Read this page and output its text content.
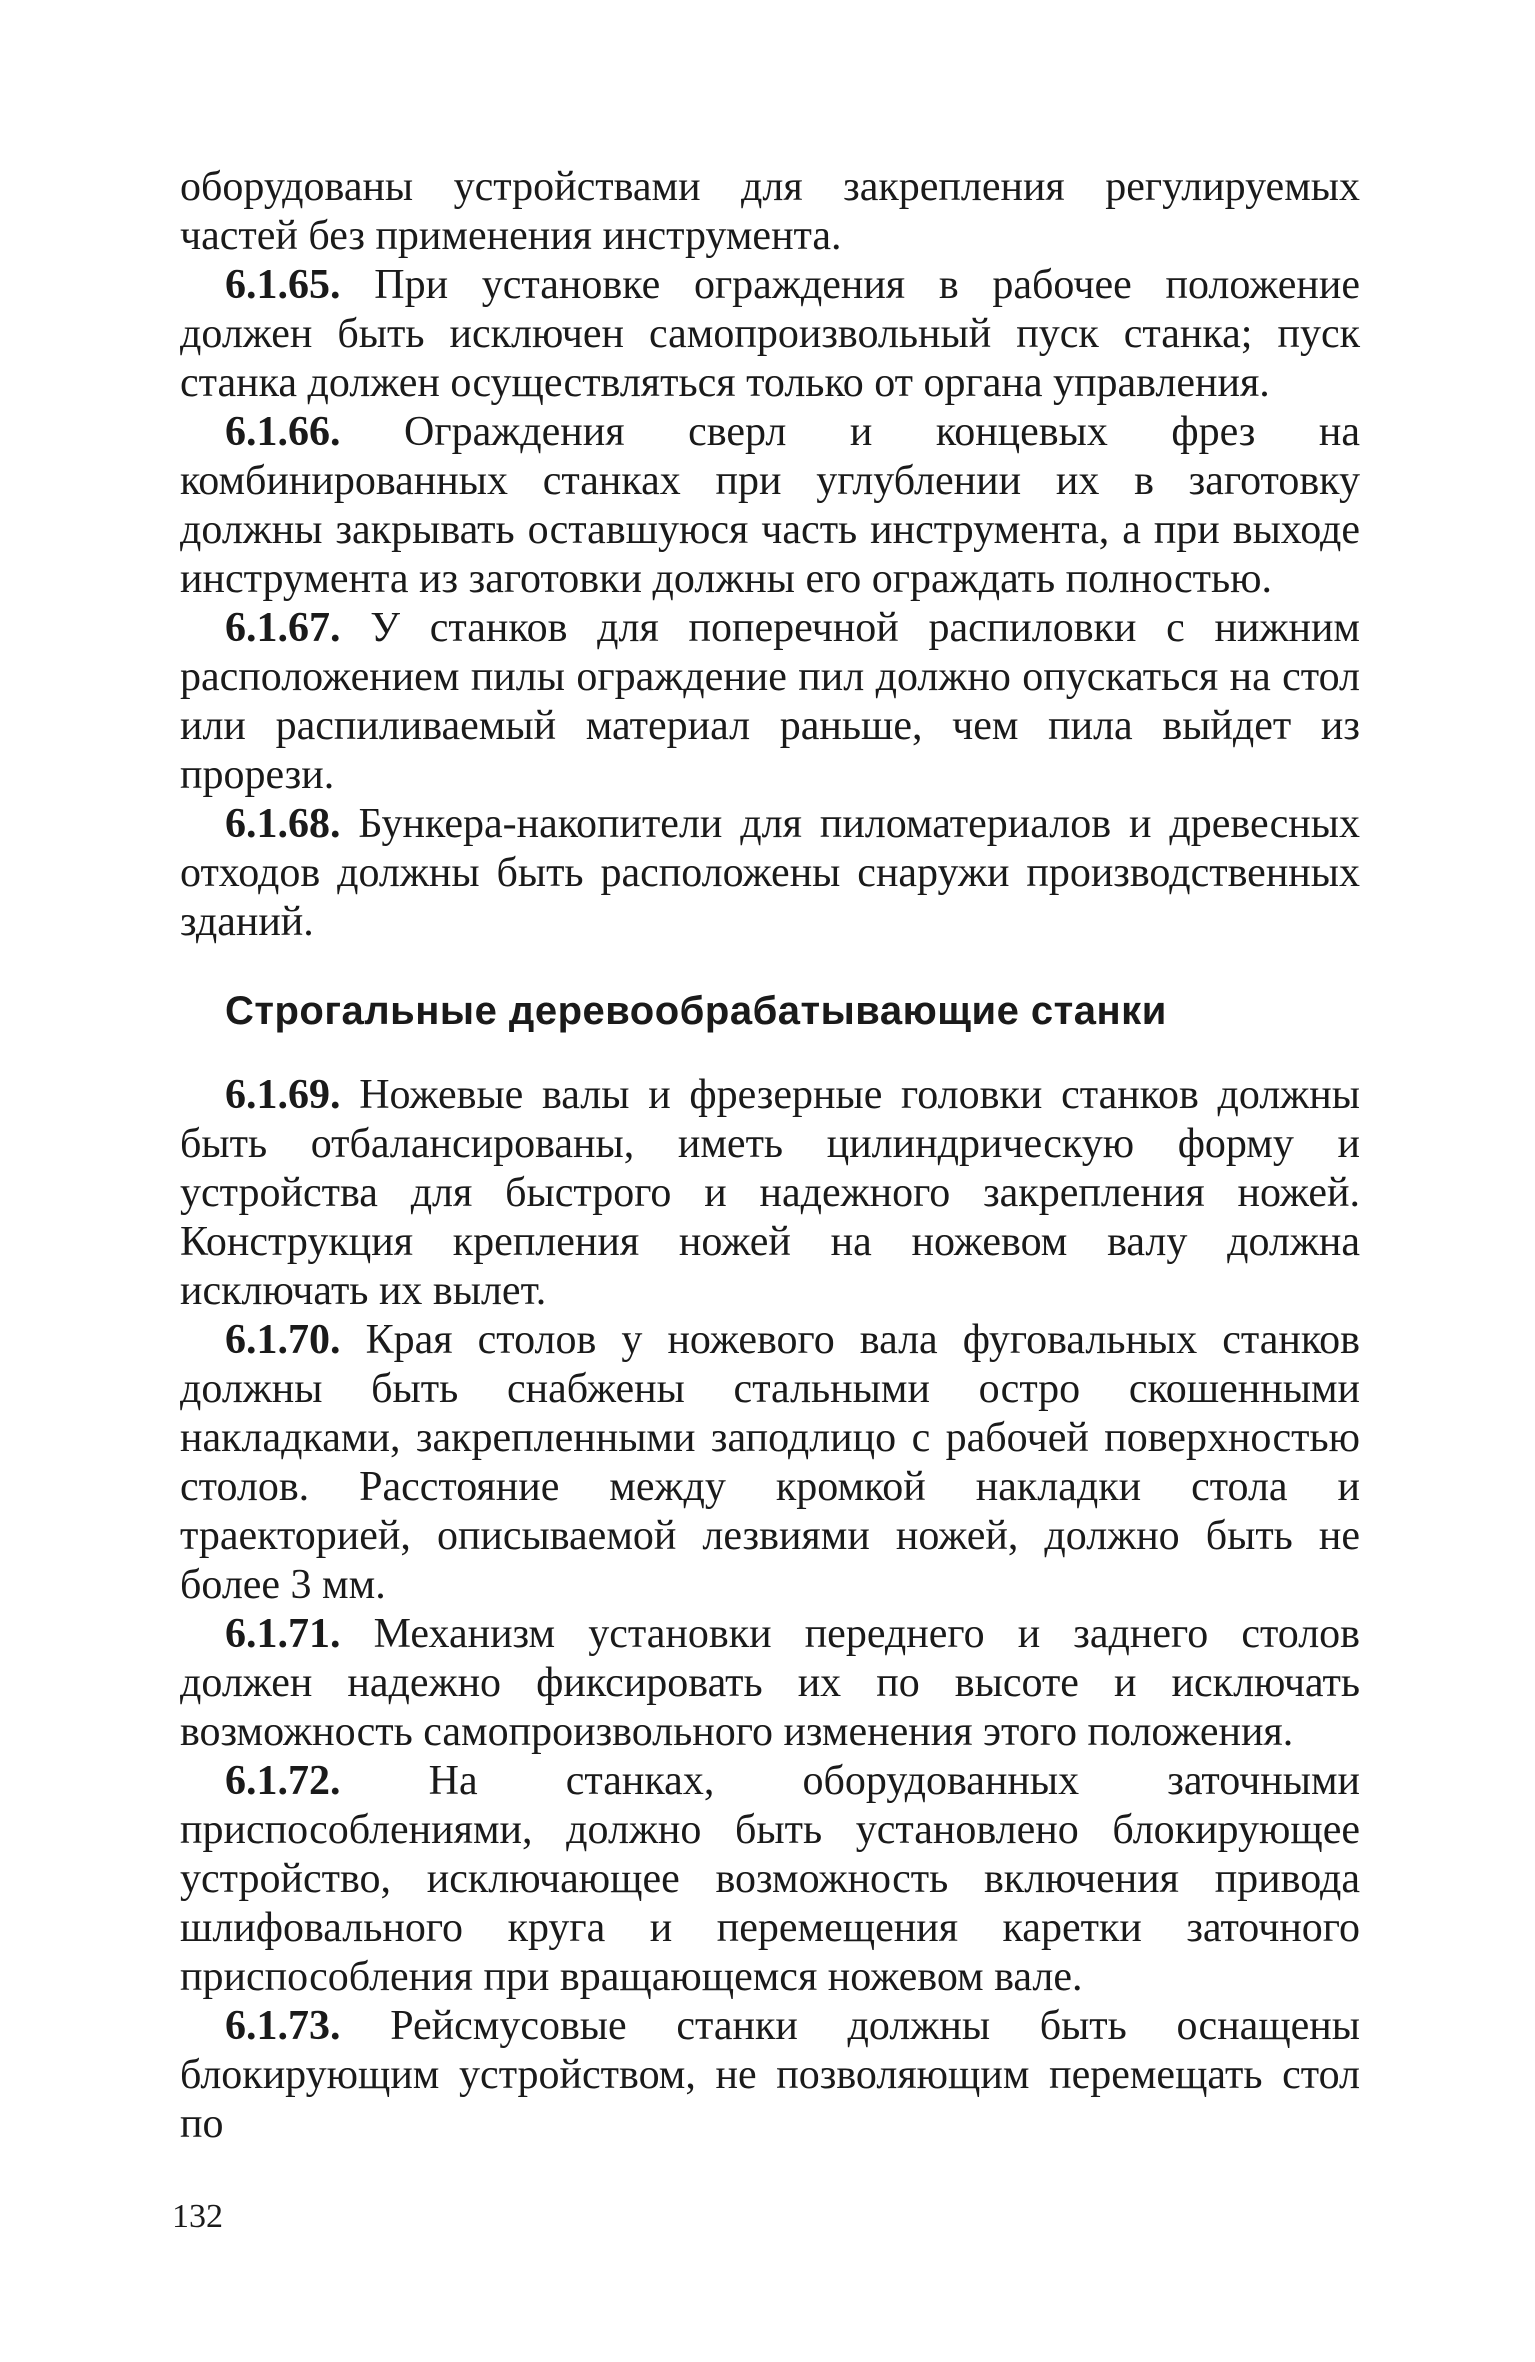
оборудованы устройствами для закрепления регулируемых частей без применения инструмента.

6.1.65. При установке ограждения в рабочее положение должен быть исключен самопроизвольный пуск станка; пуск станка должен осуществляться только от органа управления.

6.1.66. Ограждения сверл и концевых фрез на комбинированных станках при углублении их в заготовку должны закрывать оставшуюся часть инструмента, а при выходе инструмента из заготовки должны его ограждать полностью.

6.1.67. У станков для поперечной распиловки с нижним расположением пилы ограждение пил должно опускаться на стол или распиливаемый материал раньше, чем пила выйдет из прорези.

6.1.68. Бункера-накопители для пиломатериалов и древесных отходов должны быть расположены снаружи производственных зданий.

Строгальные деревообрабатывающие станки

6.1.69. Ножевые валы и фрезерные головки станков должны быть отбалансированы, иметь цилиндрическую форму и устройства для быстрого и надежного закрепления ножей. Конструкция крепления ножей на ножевом валу должна исключать их вылет.

6.1.70. Края столов у ножевого вала фуговальных станков должны быть снабжены стальными остро скошенными накладками, закрепленными заподлицо с рабочей поверхностью столов. Расстояние между кромкой накладки стола и траекторией, описываемой лезвиями ножей, должно быть не более 3 мм.

6.1.71. Механизм установки переднего и заднего столов должен надежно фиксировать их по высоте и исключать возможность самопроизвольного изменения этого положения.

6.1.72. На станках, оборудованных заточными приспособлениями, должно быть установлено блокирующее устройство, исключающее возможность включения привода шлифовального круга и перемещения каретки заточного приспособления при вращающемся ножевом вале.

6.1.73. Рейсмусовые станки должны быть оснащены блокирующим устройством, не позволяющим перемещать стол по

132
